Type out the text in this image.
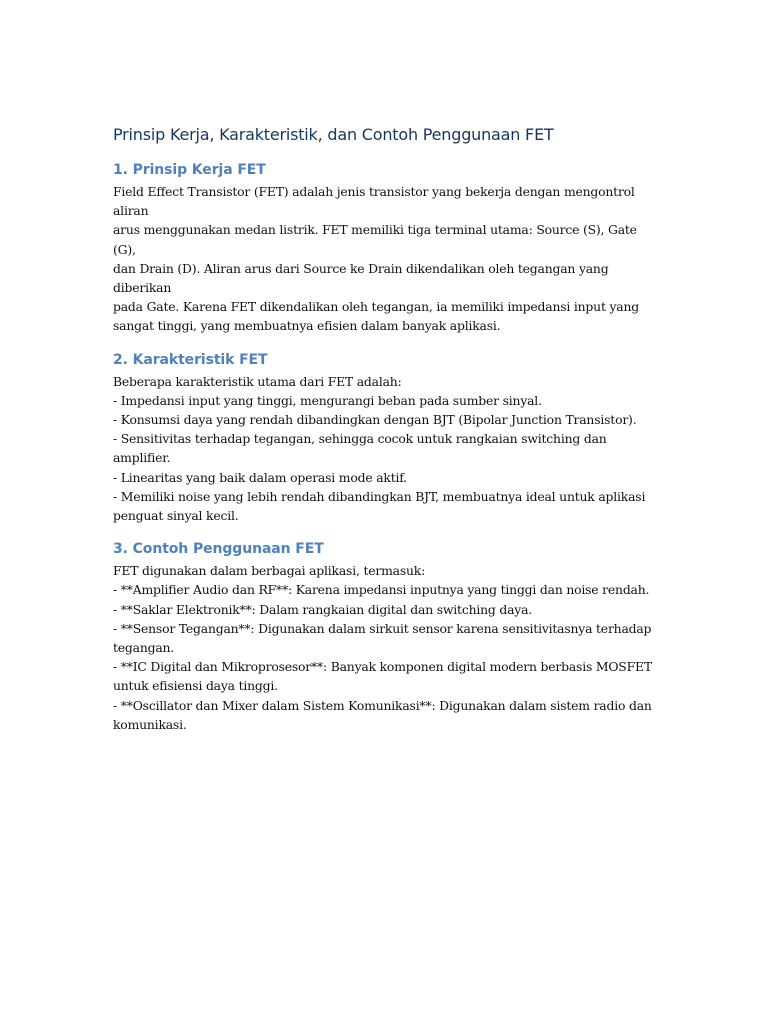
Prinsip Kerja, Karakteristik, dan Contoh Penggunaan FET
1. Prinsip Kerja FET

Field Effect Transistor (FET) adalah jenis transistor yang bekerja dengan mengontrol aliran
arus menggunakan medan listrik. FET memiliki tiga terminal utama: Source (S), Gate (G),
dan Drain (D). Aliran arus dari Source ke Drain dikendalikan oleh tegangan yang diberikan
pada Gate. Karena FET dikendalikan oleh tegangan, ia memiliki impedansi input yang
sangat tinggi, yang membuatnya efisien dalam banyak aplikasi.

2. Karakteristik FET

Beberapa karakteristik utama dari FET adalah:
- Impedansi input yang tinggi, mengurangi beban pada sumber sinyal.
- Konsumsi daya yang rendah dibandingkan dengan BJT (Bipolar Junction Transistor).
- Sensitivitas terhadap tegangan, sehingga cocok untuk rangkaian switching dan amplifier.
- Linearitas yang baik dalam operasi mode aktif.
- Memiliki noise yang lebih rendah dibandingkan BJT, membuatnya ideal untuk aplikasi
penguat sinyal kecil.

3. Contoh Penggunaan FET

FET digunakan dalam berbagai aplikasi, termasuk:
- **Amplifier Audio dan RF**: Karena impedansi inputnya yang tinggi dan noise rendah.
- **Saklar Elektronik**: Dalam rangkaian digital dan switching daya.
- **Sensor Tegangan**: Digunakan dalam sirkuit sensor karena sensitivitasnya terhadap
tegangan.
- **IC Digital dan Mikroprosesor**: Banyak komponen digital modern berbasis MOSFET
untuk efisiensi daya tinggi.
- **Oscillator dan Mixer dalam Sistem Komunikasi**: Digunakan dalam sistem radio dan
komunikasi.
